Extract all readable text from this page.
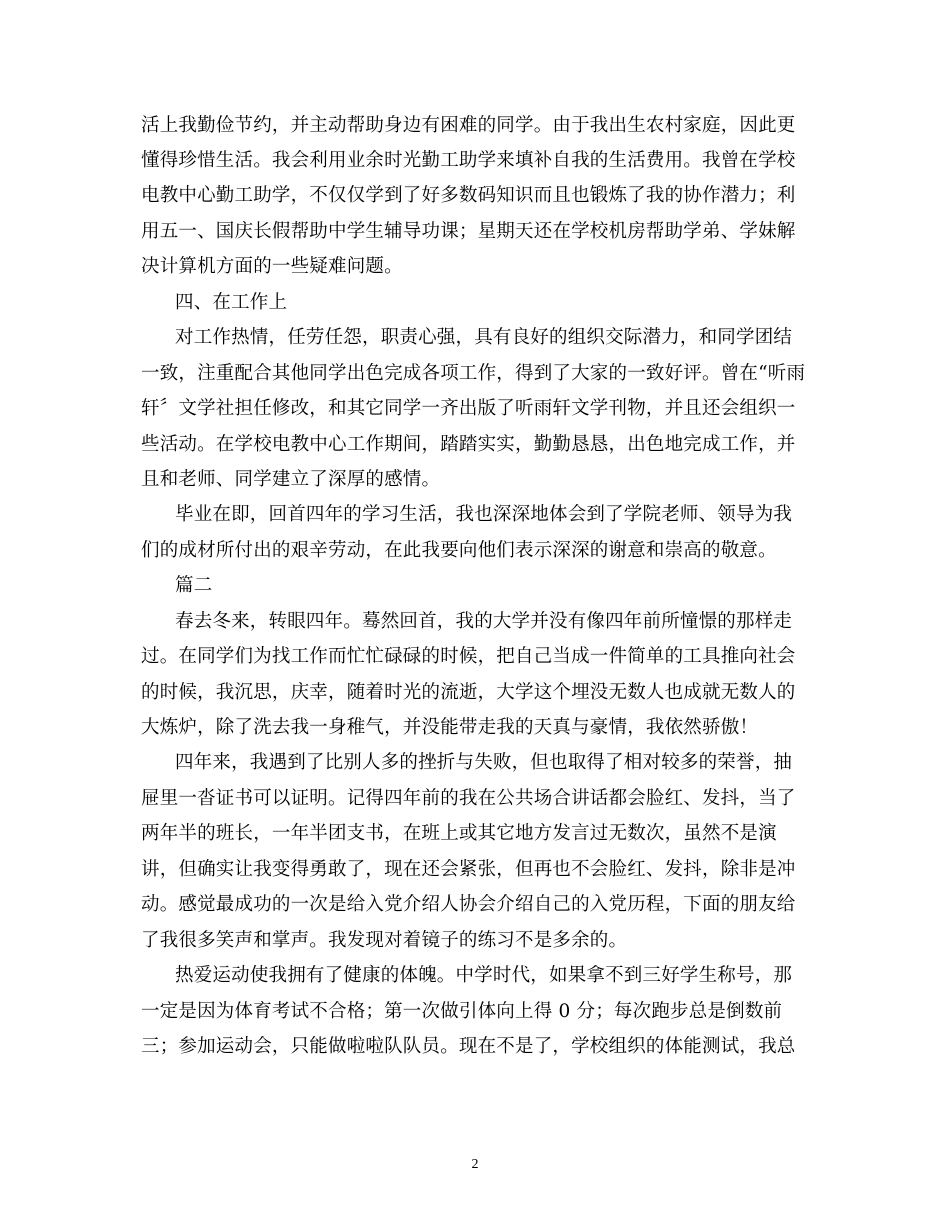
活上我勤俭节约，并主动帮助身边有困难的同学。由于我出生农村家庭，因此更
懂得珍惜生活。我会利用业余时光勤工助学来填补自我的生活费用。我曾在学校
电教中心勤工助学，不仅仅学到了好多数码知识而且也锻炼了我的协作潜力；利
用五一、国庆长假帮助中学生辅导功课；星期天还在学校机房帮助学弟、学妹解
决计算机方面的一些疑难问题。
四、在工作上
对工作热情，任劳任怨，职责心强，具有良好的组织交际潜力，和同学团结
一致，注重配合其他同学出色完成各项工作，得到了大家的一致好评。曾在“听雨
轩〞文学社担任修改，和其它同学一齐出版了听雨轩文学刊物，并且还会组织一
些活动。在学校电教中心工作期间，踏踏实实，勤勤恳恳，出色地完成工作，并
且和老师、同学建立了深厚的感情。
毕业在即，回首四年的学习生活，我也深深地体会到了学院老师、领导为我
们的成材所付出的艰辛劳动，在此我要向他们表示深深的谢意和崇高的敬意。
篇二
春去冬来，转眼四年。蓦然回首，我的大学并没有像四年前所憧憬的那样走
过。在同学们为找工作而忙忙碌碌的时候，把自己当成一件简单的工具推向社会
的时候，我沉思，庆幸，随着时光的流逝，大学这个埋没无数人也成就无数人的
大炼炉，除了洗去我一身稚气，并没能带走我的天真与豪情，我依然骄傲！
四年来，我遇到了比别人多的挫折与失败，但也取得了相对较多的荣誉，抽
屉里一沓证书可以证明。记得四年前的我在公共场合讲话都会脸红、发抖，当了
两年半的班长，一年半团支书，在班上或其它地方发言过无数次，虽然不是演
讲，但确实让我变得勇敢了，现在还会紧张，但再也不会脸红、发抖，除非是冲
动。感觉最成功的一次是给入党介绍人协会介绍自己的入党历程，下面的朋友给
了我很多笑声和掌声。我发现对着镜子的练习不是多余的。
热爱运动使我拥有了健康的体魄。中学时代，如果拿不到三好学生称号，那
一定是因为体育考试不合格；第一次做引体向上得 0 分；每次跑步总是倒数前
三；参加运动会，只能做啦啦队队员。现在不是了，学校组织的体能测试，我总
2
